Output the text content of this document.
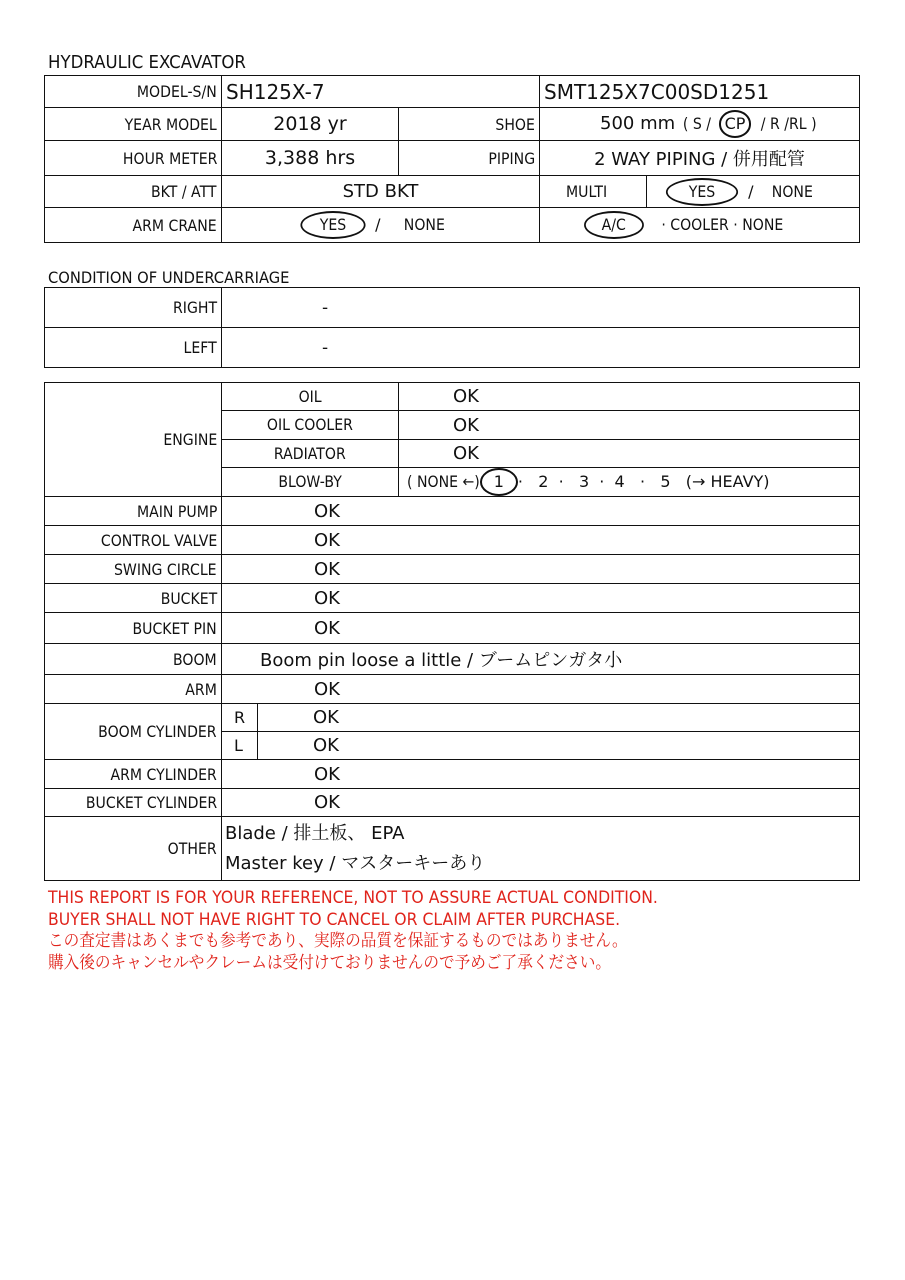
HYDRAULIC EXCAVATOR
MODEL-S/N	SH125X-7		SMT125X7C00SD1251	
YEAR MODEL	2018 yr	SHOE	500 mm ( S / CP / R /RL )	
HOUR METER	3,388 hrs	PIPING	2 WAY PIPING / 併用配管	
BKT / ATT	STD BKT		MULTI	YES / NONE
ARM CRANE	YES / NONE		A/C · COOLER · NONE	
CONDITION OF UNDERCARRIAGE
RIGHT	-
LEFT	-
ENGINE	OIL		OK
	OIL COOLER		OK
	RADIATOR		OK
	BLOW-BY		( NONE ←) 1 ·   2  ·   3  ·  4   ·   5   (→ HEAVY)
MAIN PUMP	OK		
CONTROL VALVE	OK		
SWING CIRCLE	OK		
BUCKET	OK		
BUCKET PIN	OK		
BOOM	Boom pin loose a little / ブームピンガタ小		
ARM	OK		
BOOM CYLINDER	R	OK	
	L	OK	
ARM CYLINDER	OK		
BUCKET CYLINDER	OK		
OTHER	Blade / 排土板、 EPA
Master key / マスターキーあり		
THIS REPORT IS FOR YOUR REFERENCE, NOT TO ASSURE ACTUAL CONDITION.
BUYER SHALL NOT HAVE RIGHT TO CANCEL OR CLAIM AFTER PURCHASE.
この査定書はあくまでも参考であり、実際の品質を保証するものではありません。
購入後のキャンセルやクレームは受付けておりませんので予めご了承ください。
